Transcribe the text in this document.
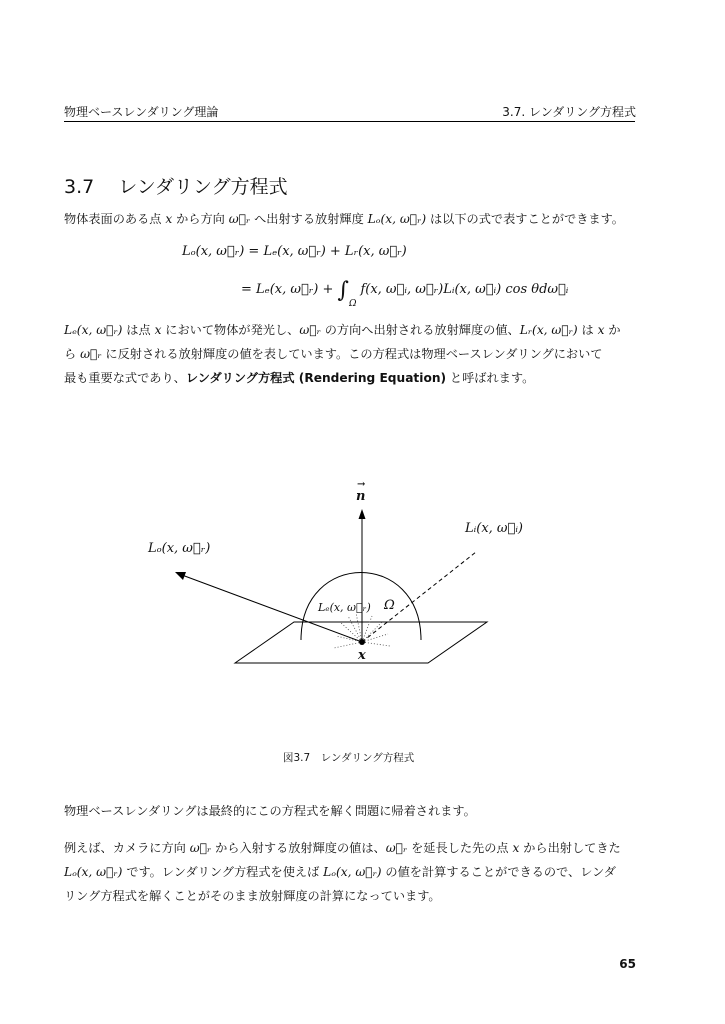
物理ベースレンダリング理論	3.7. レンダリング方程式
3.7 レンダリング方程式
物体表面のある点 x から方向 ω⃗ᵣ へ出射する放射輝度 Lₒ(x, ω⃗ᵣ) は以下の式で表すことができます。
Lₒ(x, ω⃗ᵣ) = Lₑ(x, ω⃗ᵣ) + Lᵣ(x, ω⃗ᵣ)
= Lₑ(x, ω⃗ᵣ) + $\int_\Omega f(x$, ω⃗ᵢ, ω⃗ᵣ)Lᵢ(x, ω⃗ᵢ) cos θdω⃗ᵢ
Lₑ(x, ω⃗ᵣ) は点 x において物体が発光し、ω⃗ᵣ の方向へ出射される放射輝度の値、Lᵣ(x, ω⃗ᵣ) は x か
ら ω⃗ᵣ に反射される放射輝度の値を表しています。この方程式は物理ベースレンダリングにおいて
最も重要な式であり、レンダリング方程式 (Rendering Equation) と呼ばれます。
→
n
Lᵢ(x, ω⃗ᵢ)
Lₒ(x, ω⃗ᵣ)
Lₑ(x, ω⃗ᵣ) Ω
x
図3.7　レンダリング方程式
物理ベースレンダリングは最終的にこの方程式を解く問題に帰着されます。
例えば、カメラに方向 ω⃗ᵣ から入射する放射輝度の値は、ω⃗ᵣ を延長した先の点 x から出射してきた
Lₒ(x, ω⃗ᵣ) です。レンダリング方程式を使えば Lₒ(x, ω⃗ᵣ) の値を計算することができるので、レンダ
リング方程式を解くことがそのまま放射輝度の計算になっています。
65
